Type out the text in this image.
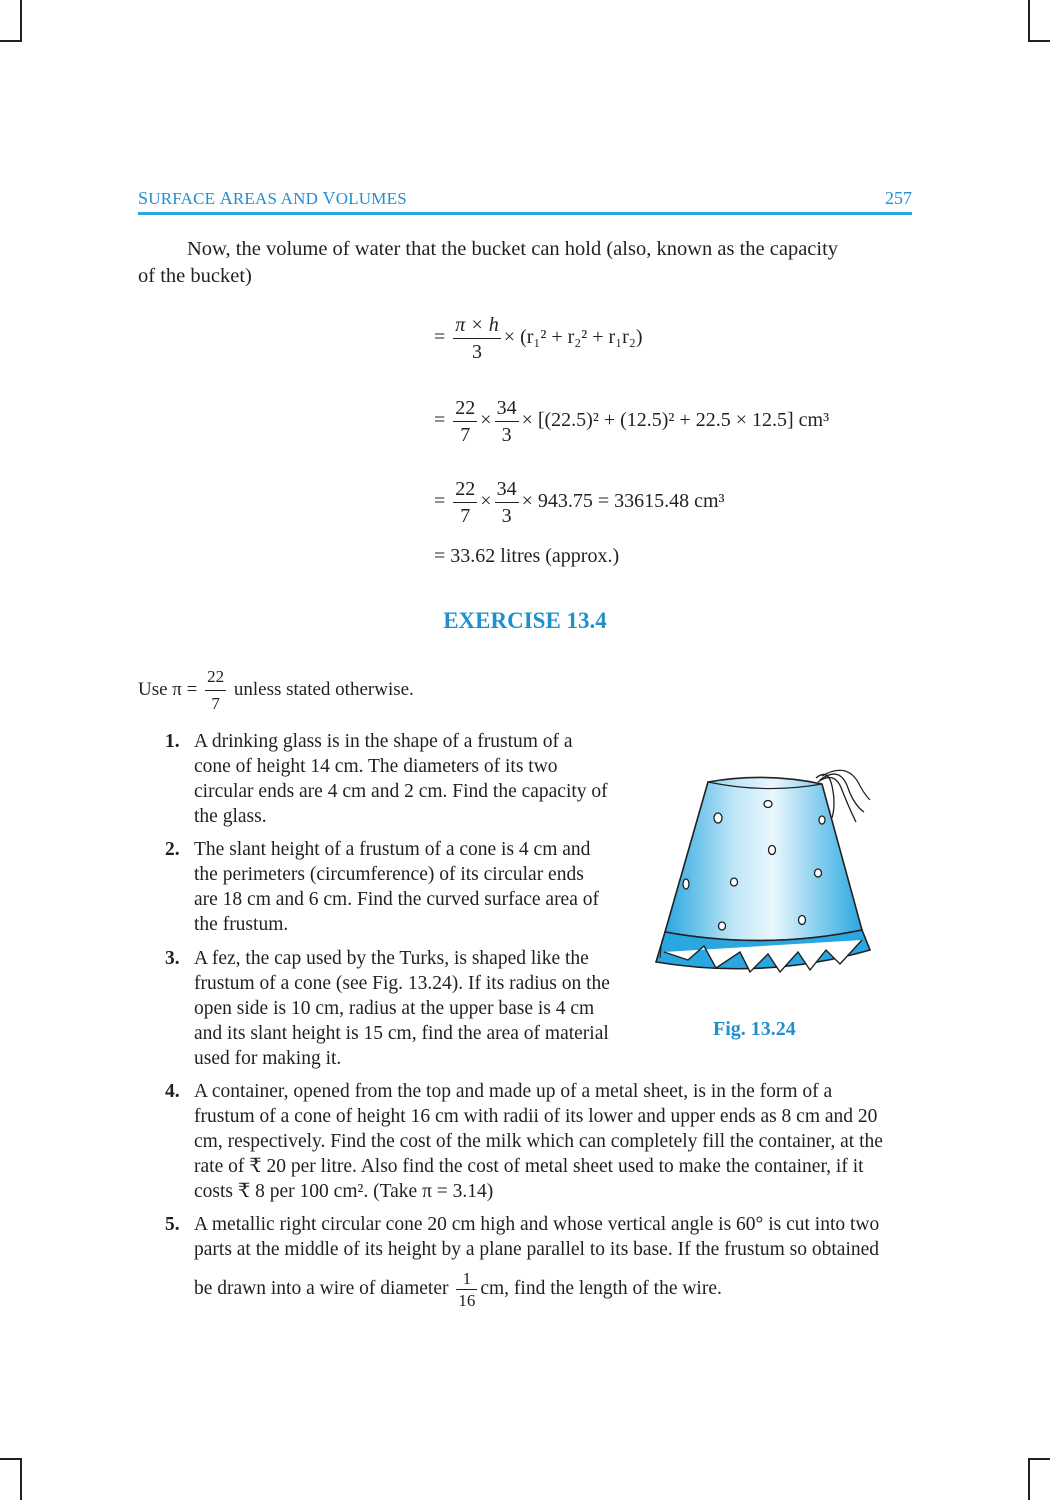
SURFACE AREAS AND VOLUMES	257
Now, the volume of water that the bucket can hold (also, known as the capacity
of the bucket)
= $\frac{\pi \times h}{3} \times (r_1^2 + r_2^2 + r_1r_2)$
= $\frac{22}{7} \times \frac{34}{3} \times [(22.5)^2 + (12.5)^2 + 22.5 \times 12.5]$ cm³
= $\frac{22}{7} \times \frac{34}{3} \times 943.75 = 33615.48$ cm³
= 33.62 litres (approx.)
EXERCISE 13.4
Use $\pi = \frac{22}{7}$ unless stated otherwise.
1. A drinking glass is in the shape of a frustum of a
cone of height 14 cm. The diameters of its two
circular ends are 4 cm and 2 cm. Find the capacity of
the glass.
2. The slant height of a frustum of a cone is 4 cm and
the perimeters (circumference) of its circular ends
are 18 cm and 6 cm. Find the curved surface area of
the frustum.
3. A fez, the cap used by the Turks, is shaped like the
frustum of a cone (see Fig. 13.24). If its radius on the
open side is 10 cm, radius at the upper base is 4 cm
and its slant height is 15 cm, find the area of material
used for making it.
4. A container, opened from the top and made up of a metal sheet, is in the form of a
frustum of a cone of height 16 cm with radii of its lower and upper ends as 8 cm and 20
cm, respectively. Find the cost of the milk which can completely fill the container, at the
rate of ₹ 20 per litre. Also find the cost of metal sheet used to make the container, if it
costs ₹ 8 per 100 cm². (Take π = 3.14)
5. A metallic right circular cone 20 cm high and whose vertical angle is 60° is cut into two
parts at the middle of its height by a plane parallel to its base. If the frustum so obtained
be drawn into a wire of diameter $\frac{1}{16}$ cm, find the length of the wire.
Fig. 13.24
